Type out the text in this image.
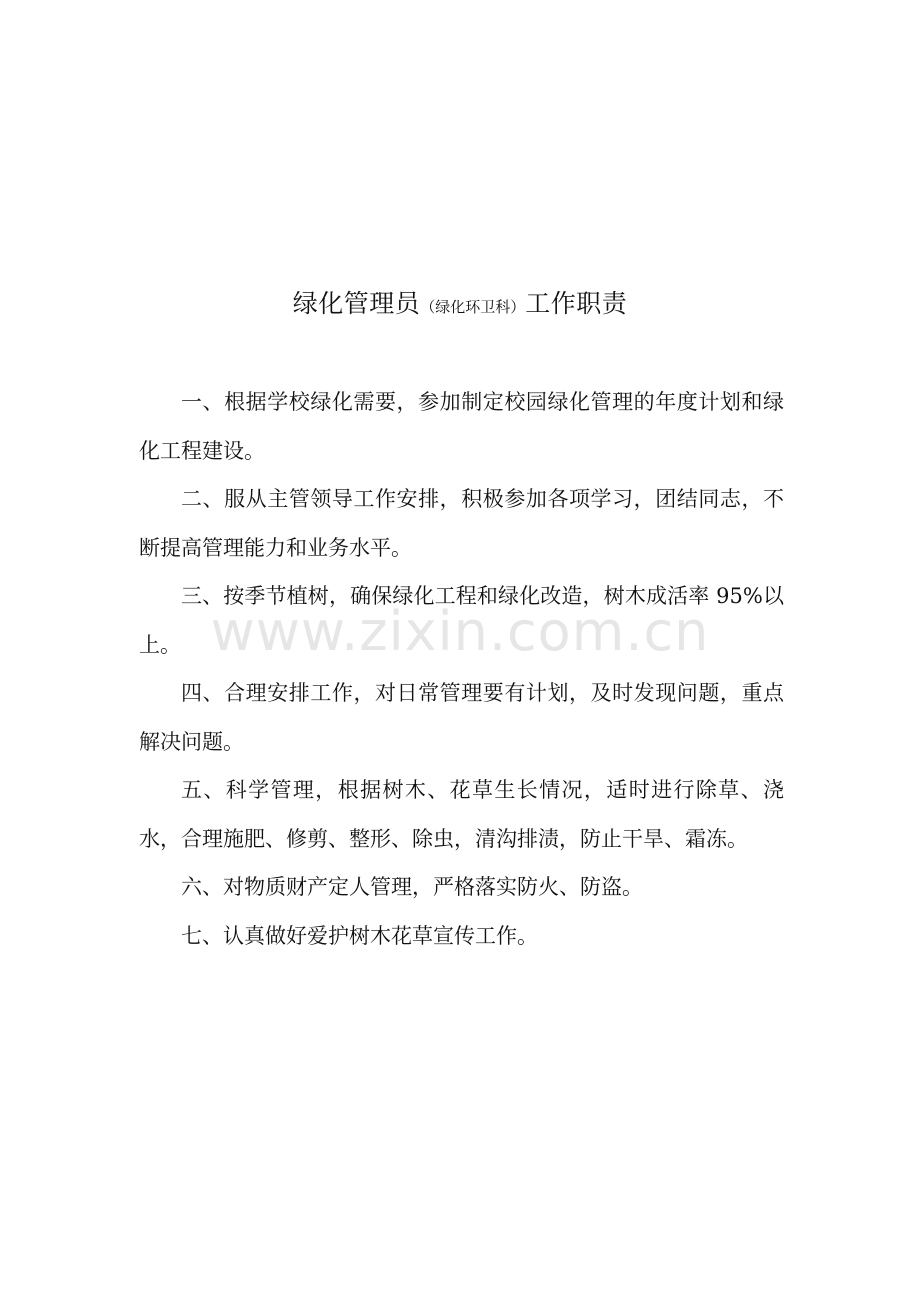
绿化管理员（绿化环卫科）工作职责

一、根据学校绿化需要，参加制定校园绿化管理的年度计划和绿化工程建设。

二、服从主管领导工作安排，积极参加各项学习，团结同志，不断提高管理能力和业务水平。

三、按季节植树，确保绿化工程和绿化改造，树木成活率 95%以上。

四、合理安排工作，对日常管理要有计划，及时发现问题，重点解决问题。

五、科学管理，根据树木、花草生长情况，适时进行除草、浇水，合理施肥、修剪、整形、除虫，清沟排渍，防止干旱、霜冻。

六、对物质财产定人管理，严格落实防火、防盗。

七、认真做好爱护树木花草宣传工作。

www.zixin.com.cn
